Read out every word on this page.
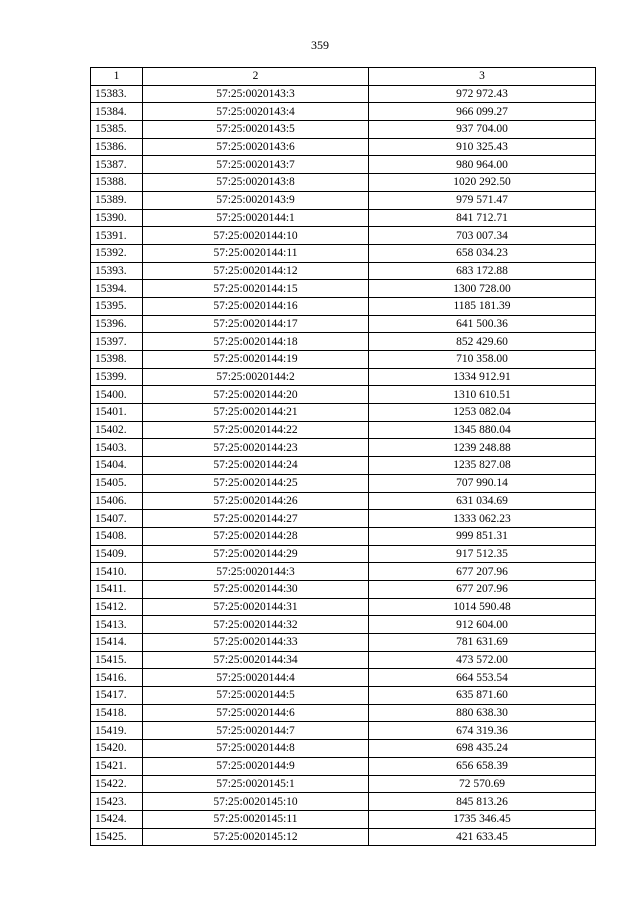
359
1	2	3
15383.	57:25:0020143:3	972 972.43
15384.	57:25:0020143:4	966 099.27
15385.	57:25:0020143:5	937 704.00
15386.	57:25:0020143:6	910 325.43
15387.	57:25:0020143:7	980 964.00
15388.	57:25:0020143:8	1020 292.50
15389.	57:25:0020143:9	979 571.47
15390.	57:25:0020144:1	841 712.71
15391.	57:25:0020144:10	703 007.34
15392.	57:25:0020144:11	658 034.23
15393.	57:25:0020144:12	683 172.88
15394.	57:25:0020144:15	1300 728.00
15395.	57:25:0020144:16	1185 181.39
15396.	57:25:0020144:17	641 500.36
15397.	57:25:0020144:18	852 429.60
15398.	57:25:0020144:19	710 358.00
15399.	57:25:0020144:2	1334 912.91
15400.	57:25:0020144:20	1310 610.51
15401.	57:25:0020144:21	1253 082.04
15402.	57:25:0020144:22	1345 880.04
15403.	57:25:0020144:23	1239 248.88
15404.	57:25:0020144:24	1235 827.08
15405.	57:25:0020144:25	707 990.14
15406.	57:25:0020144:26	631 034.69
15407.	57:25:0020144:27	1333 062.23
15408.	57:25:0020144:28	999 851.31
15409.	57:25:0020144:29	917 512.35
15410.	57:25:0020144:3	677 207.96
15411.	57:25:0020144:30	677 207.96
15412.	57:25:0020144:31	1014 590.48
15413.	57:25:0020144:32	912 604.00
15414.	57:25:0020144:33	781 631.69
15415.	57:25:0020144:34	473 572.00
15416.	57:25:0020144:4	664 553.54
15417.	57:25:0020144:5	635 871.60
15418.	57:25:0020144:6	880 638.30
15419.	57:25:0020144:7	674 319.36
15420.	57:25:0020144:8	698 435.24
15421.	57:25:0020144:9	656 658.39
15422.	57:25:0020145:1	72 570.69
15423.	57:25:0020145:10	845 813.26
15424.	57:25:0020145:11	1735 346.45
15425.	57:25:0020145:12	421 633.45
